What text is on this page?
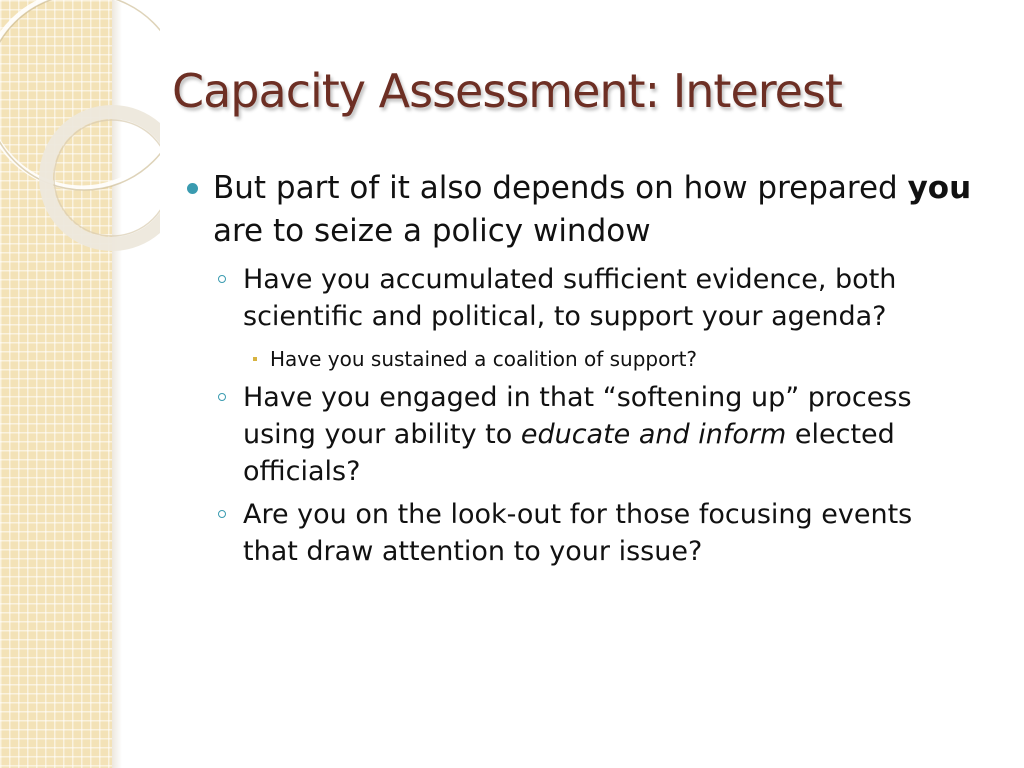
Capacity Assessment: Interest
But part of it also depends on how prepared you are to seize a policy window
Have you accumulated sufficient evidence, both scientific and political, to support your agenda?
Have you sustained a coalition of support?
Have you engaged in that “softening up” process using your ability to educate and inform elected officials?
Are you on the look-out for those focusing events that draw attention to your issue?
